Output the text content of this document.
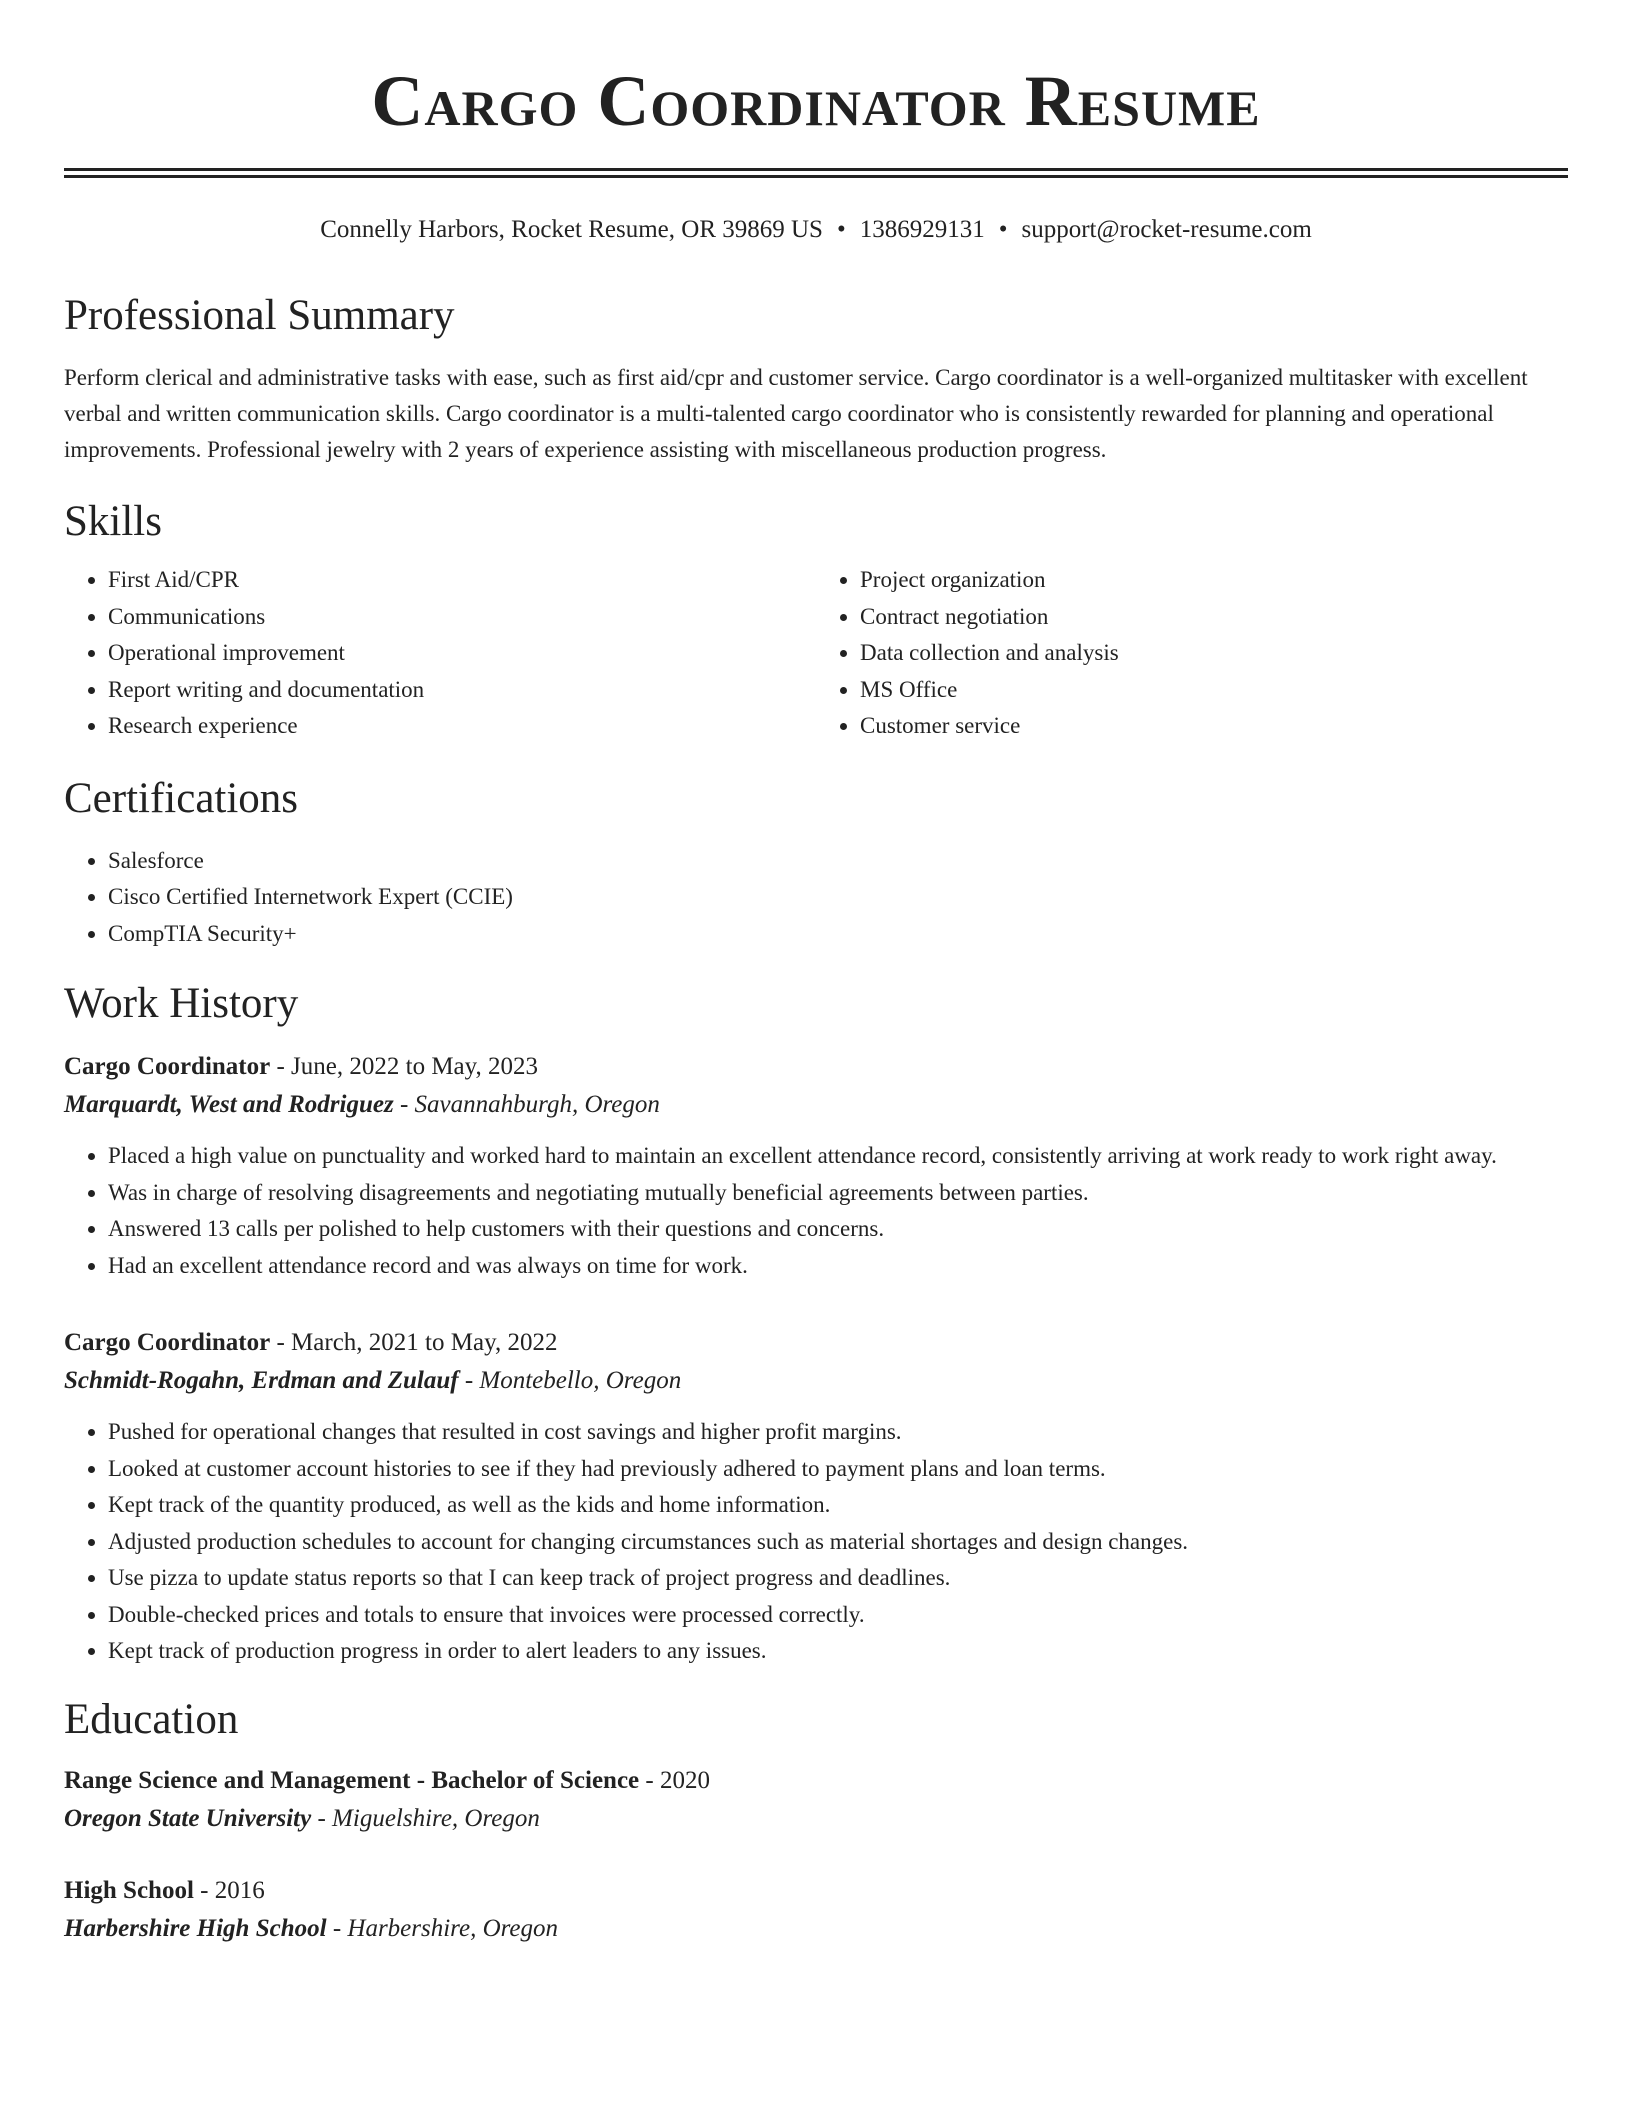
Cargo Coordinator Resume
Connelly Harbors, Rocket Resume, OR 39869 US • 1386929131 • support@rocket-resume.com
Professional Summary

Perform clerical and administrative tasks with ease, such as first aid/cpr and customer service. Cargo coordinator is a well-organized multitasker with excellent verbal and written communication skills. Cargo coordinator is a multi-talented cargo coordinator who is consistently rewarded for planning and operational improvements. Professional jewelry with 2 years of experience assisting with miscellaneous production progress.

Skills
• First Aid/CPR
• Communications
• Operational improvement
• Report writing and documentation
• Research experience
• Project organization
• Contract negotiation
• Data collection and analysis
• MS Office
• Customer service
Certifications
• Salesforce
• Cisco Certified Internetwork Expert (CCIE)
• CompTIA Security+
Work History
Cargo Coordinator - June, 2022 to May, 2023
Marquardt, West and Rodriguez - Savannahburgh, Oregon
• Placed a high value on punctuality and worked hard to maintain an excellent attendance record, consistently arriving at work ready to work right away.
• Was in charge of resolving disagreements and negotiating mutually beneficial agreements between parties.
• Answered 13 calls per polished to help customers with their questions and concerns.
• Had an excellent attendance record and was always on time for work.
Cargo Coordinator - March, 2021 to May, 2022
Schmidt-Rogahn, Erdman and Zulauf - Montebello, Oregon
• Pushed for operational changes that resulted in cost savings and higher profit margins.
• Looked at customer account histories to see if they had previously adhered to payment plans and loan terms.
• Kept track of the quantity produced, as well as the kids and home information.
• Adjusted production schedules to account for changing circumstances such as material shortages and design changes.
• Use pizza to update status reports so that I can keep track of project progress and deadlines.
• Double-checked prices and totals to ensure that invoices were processed correctly.
• Kept track of production progress in order to alert leaders to any issues.
Education
Range Science and Management - Bachelor of Science - 2020
Oregon State University - Miguelshire, Oregon
High School - 2016
Harbershire High School - Harbershire, Oregon
